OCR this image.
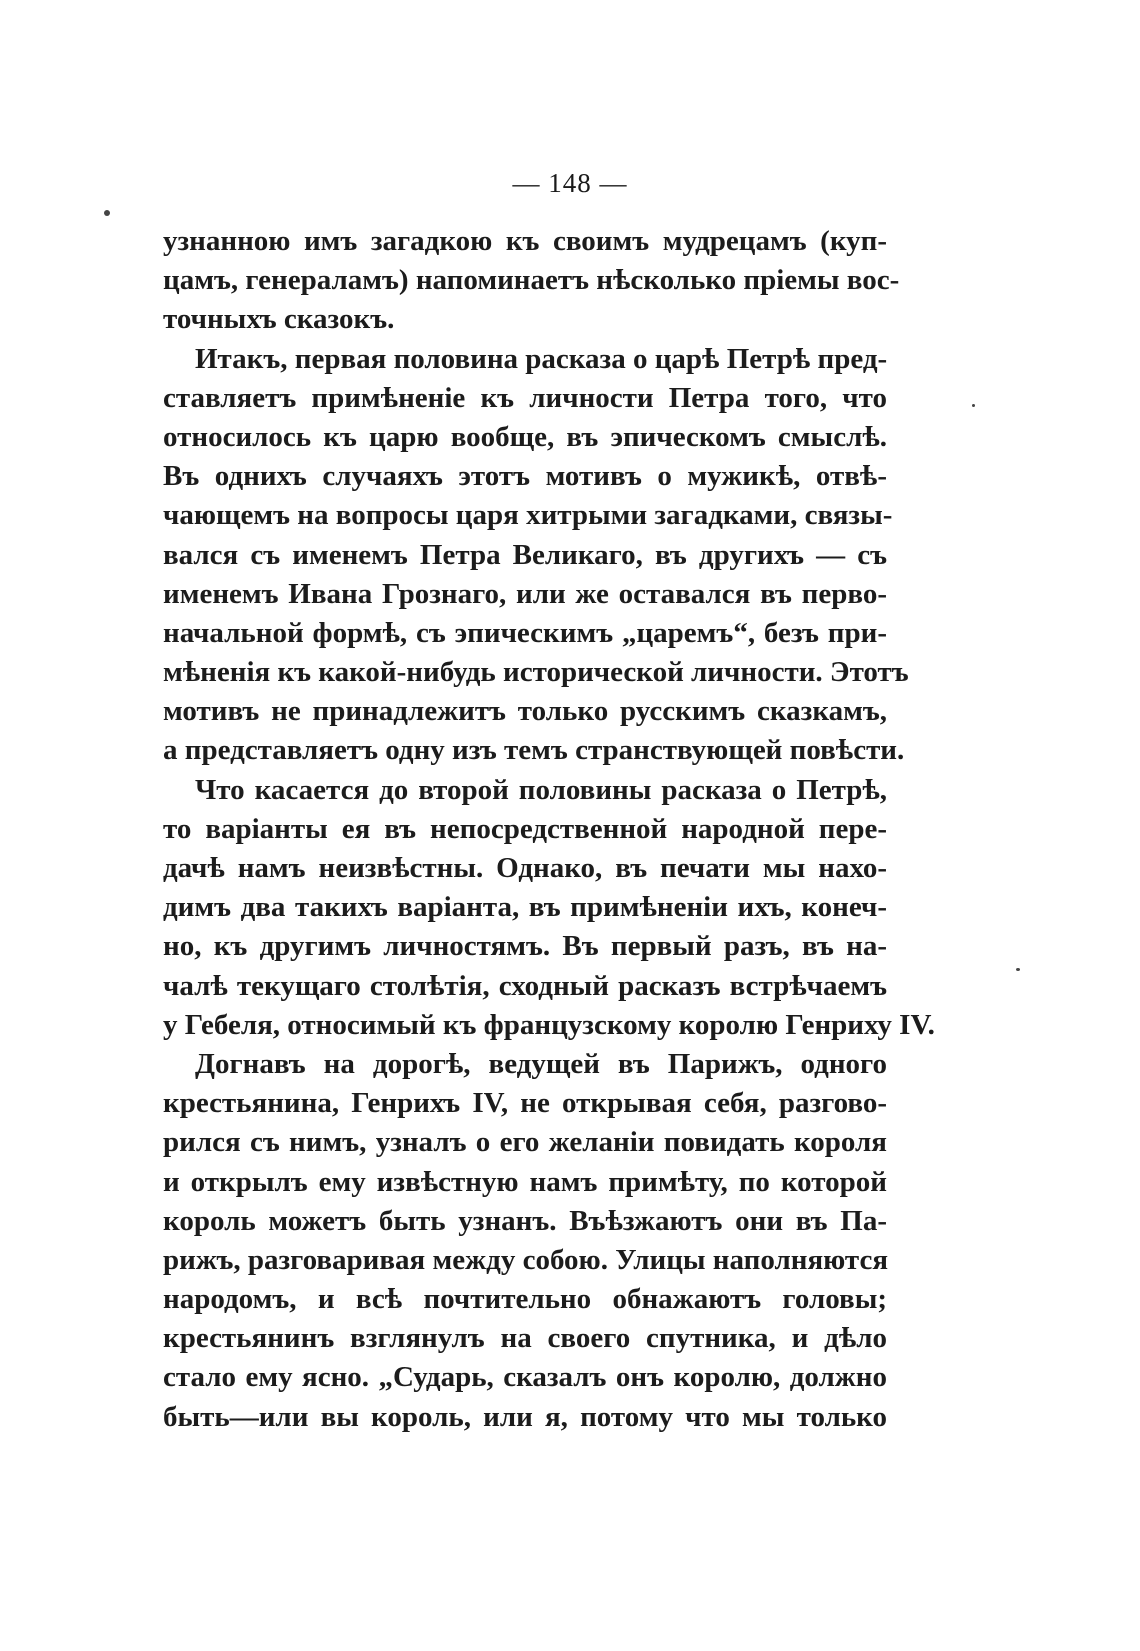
— 148 —
узнанною имъ загадкою къ своимъ мудрецамъ (куп-
цамъ, генераламъ) напоминаетъ нѣсколько пріемы вос-
точныхъ сказокъ.
Итакъ, первая половина расказа о царѣ Петрѣ пред-
ставляетъ примѣненіе къ личности Петра того, что
относилось къ царю вообще, въ эпическомъ смыслѣ.
Въ однихъ случаяхъ этотъ мотивъ о мужикѣ, отвѣ-
чающемъ на вопросы царя хитрыми загадками, связы-
вался съ именемъ Петра Великаго, въ другихъ — съ
именемъ Ивана Грознаго, или же оставался въ перво-
начальной формѣ, съ эпическимъ „царемъ“, безъ при-
мѣненія къ какой-нибудь исторической личности. Этотъ
мотивъ не принадлежитъ только русскимъ сказкамъ,
а представляетъ одну изъ темъ странствующей повѣсти.
Что касается до второй половины расказа о Петрѣ,
то варіанты ея въ непосредственной народной пере-
дачѣ намъ неизвѣстны. Однако, въ печати мы нахо-
димъ два такихъ варіанта, въ примѣненіи ихъ, конеч-
но, къ другимъ личностямъ. Въ первый разъ, въ на-
чалѣ текущаго столѣтія, сходный расказъ встрѣчаемъ
у Гебеля, относимый къ французскому королю Генриху IV.
Догнавъ на дорогѣ, ведущей въ Парижъ, одного
крестьянина, Генрихъ IV, не открывая себя, разгово-
рился съ нимъ, узналъ о его желаніи повидать короля
и открылъ ему извѣстную намъ примѣту, по которой
король можетъ быть узнанъ. Въѣзжаютъ они въ Па-
рижъ, разговаривая между собою. Улицы наполняются
народомъ, и всѣ почтительно обнажаютъ головы;
крестьянинъ взглянулъ на своего спутника, и дѣло
стало ему ясно. „Сударь, сказалъ онъ королю, должно
быть—или вы король, или я, потому что мы только
